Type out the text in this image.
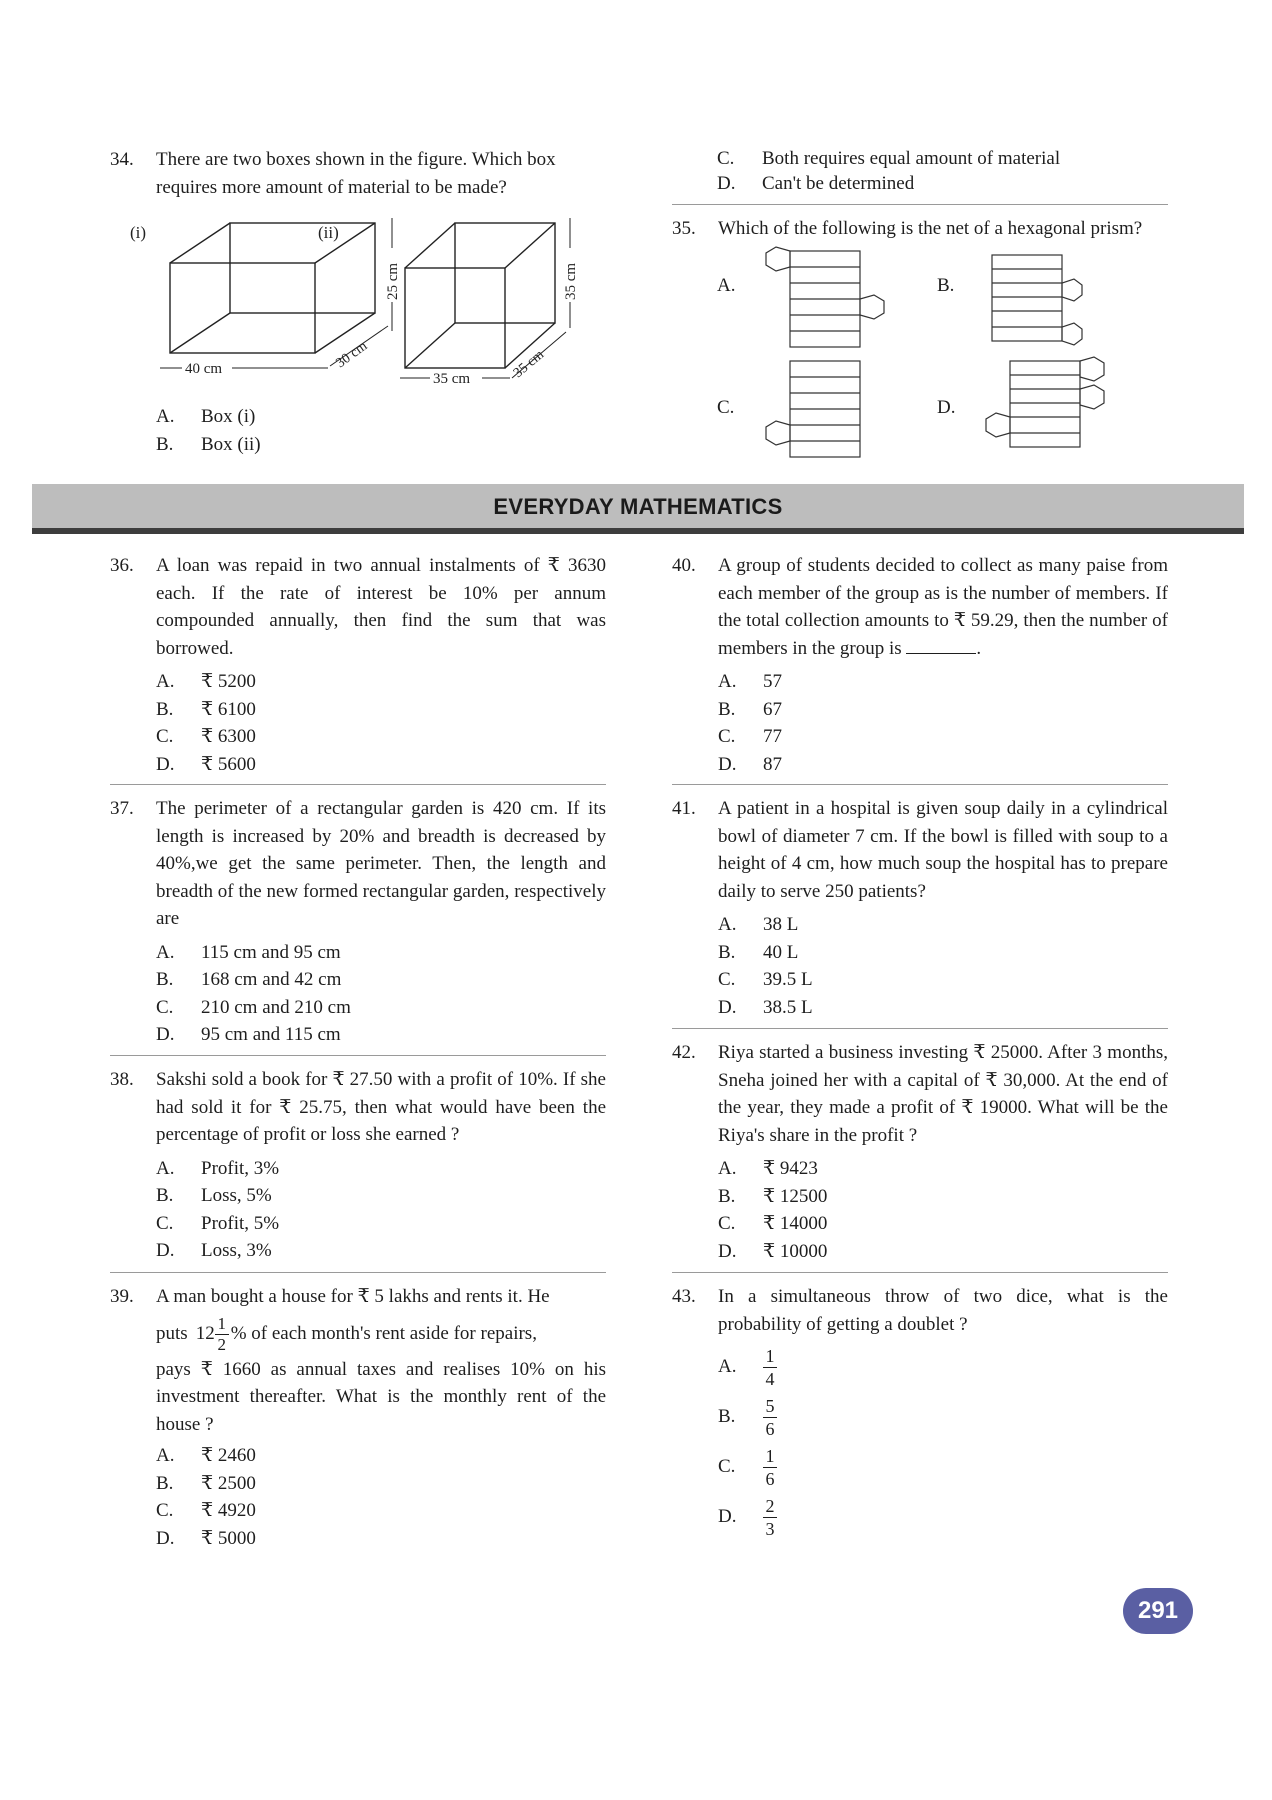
34. There are two boxes shown in the figure. Which box requires more amount of material to be made?
40 cm
(i)	(ii)
25 cm
30 cm
35 cm
35 cm
35 cm
A.	Box (i)
B.	Box (ii)
C.	Both requires equal amount of material
D.	Can't be determined
35. Which of the following is the net of a hexagonal prism?
A.	B.
C.	D.
EVERYDAY MATHEMATICS
36. A loan was repaid in two annual instalments of ₹ 3630 each. If the rate of interest be 10% per annum compounded annually, then find the sum that was borrowed.
A.	₹ 5200
B.	₹ 6100
C.	₹ 6300
D.	₹ 5600
37. The perimeter of a rectangular garden is 420 cm. If its length is increased by 20% and breadth is decreased by 40%,we get the same perimeter. Then, the length and breadth of the new formed rectangular garden, respectively are
A.	115 cm and 95 cm
B.	168 cm and 42 cm
C.	210 cm and 210 cm
D.	95 cm and 115 cm
38. Sakshi sold a book for ₹ 27.50 with a profit of 10%. If she had sold it for ₹ 25.75, then what would have been the percentage of profit or loss she earned ?
A.	Profit, 3%
B.	Loss, 5%
C.	Profit, 5%
D.	Loss, 3%
39. A man bought a house for ₹ 5 lakhs and rents it. He
puts $12 \frac{1}{2}$ % of each month's rent aside for repairs,
pays ₹ 1660 as annual taxes and realises 10% on his investment thereafter. What is the monthly rent of the house ?
A.	₹ 2460
B.	₹ 2500
C.	₹ 4920
D.	₹ 5000
40. A group of students decided to collect as many paise from each member of the group as is the number of members. If the total collection amounts to ₹ 59.29, then the number of members in the group is	.
A.	57
B.	67
C.	77
D.	87
41. A patient in a hospital is given soup daily in a cylindrical bowl of diameter 7 cm. If the bowl is filled with soup to a height of 4 cm, how much soup the hospital has to prepare daily to serve 250 patients?
A.	38 L
B.	40 L
C.	39.5 L
D.	38.5 L
42. Riya started a business investing ₹ 25000. After 3 months, Sneha joined her with a capital of ₹ 30,000. At the end of the year, they made a profit of ₹ 19000. What will be the Riya's share in the profit ?
A.	₹ 9423
B.	₹ 12500
C.	₹ 14000
D.	₹ 10000
43. In a simultaneous throw of two dice, what is the probability of getting a doublet ?
A.	$\frac{1}{4}$
B.	$\frac{5}{6}$
C.	$\frac{1}{6}$
D.	$\frac{2}{3}$
291
